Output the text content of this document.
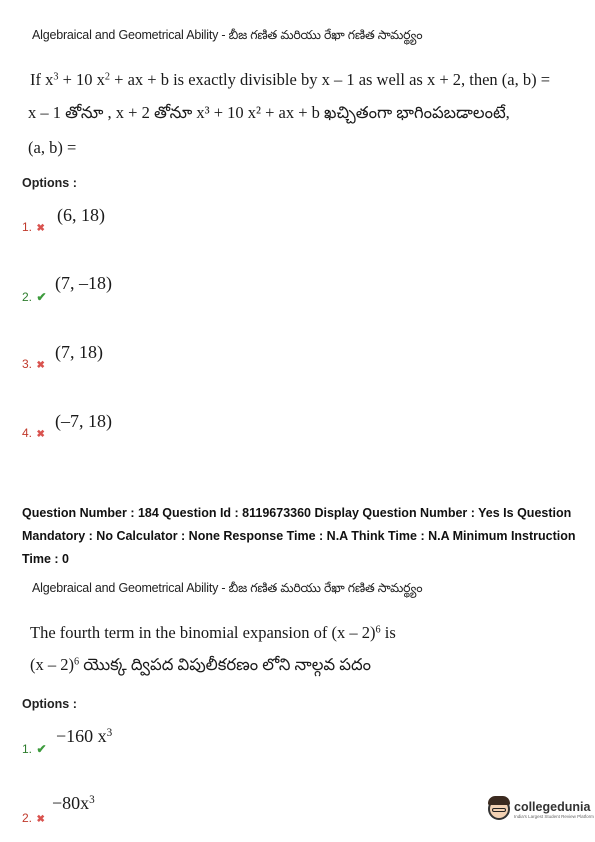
Algebraical and Geometrical Ability - బీజ గణిత మరియు రేఖా గణిత సామర్థ్యం
If $x^3 + 10$ $x^2$ + ax + b is exactly divisible by x – 1 as well as x + 2, then (a, b) =
x – 1 తోనూ , x + 2 తోనూ x³ + 10 x² + ax + b ఖచ్చితంగా భాగింపబడాలంటే,
(a, b) =
Options :
1. ✖
(6, 18)
2. ✔
(7, –18)
3. ✖
(7, 18)
4. ✖
(–7, 18)
Question Number : 184 Question Id : 8119673360 Display Question Number : Yes Is Question Mandatory : No Calculator : None Response Time : N.A Think Time : N.A Minimum Instruction Time : 0
Algebraical and Geometrical Ability - బీజ గణిత మరియు రేఖా గణిత సామర్థ్యం
The fourth term in the binomial expansion of (x – 2)$^6$ is
(x – 2)$^6$ యొక్క ద్విపద విపులీకరణం లోని నాల్గవ పదం
Options :
1. ✔
−160 $x^3$
2. ✖
$-80x^3$	collegedunia
India's Largest Student Review Platform
